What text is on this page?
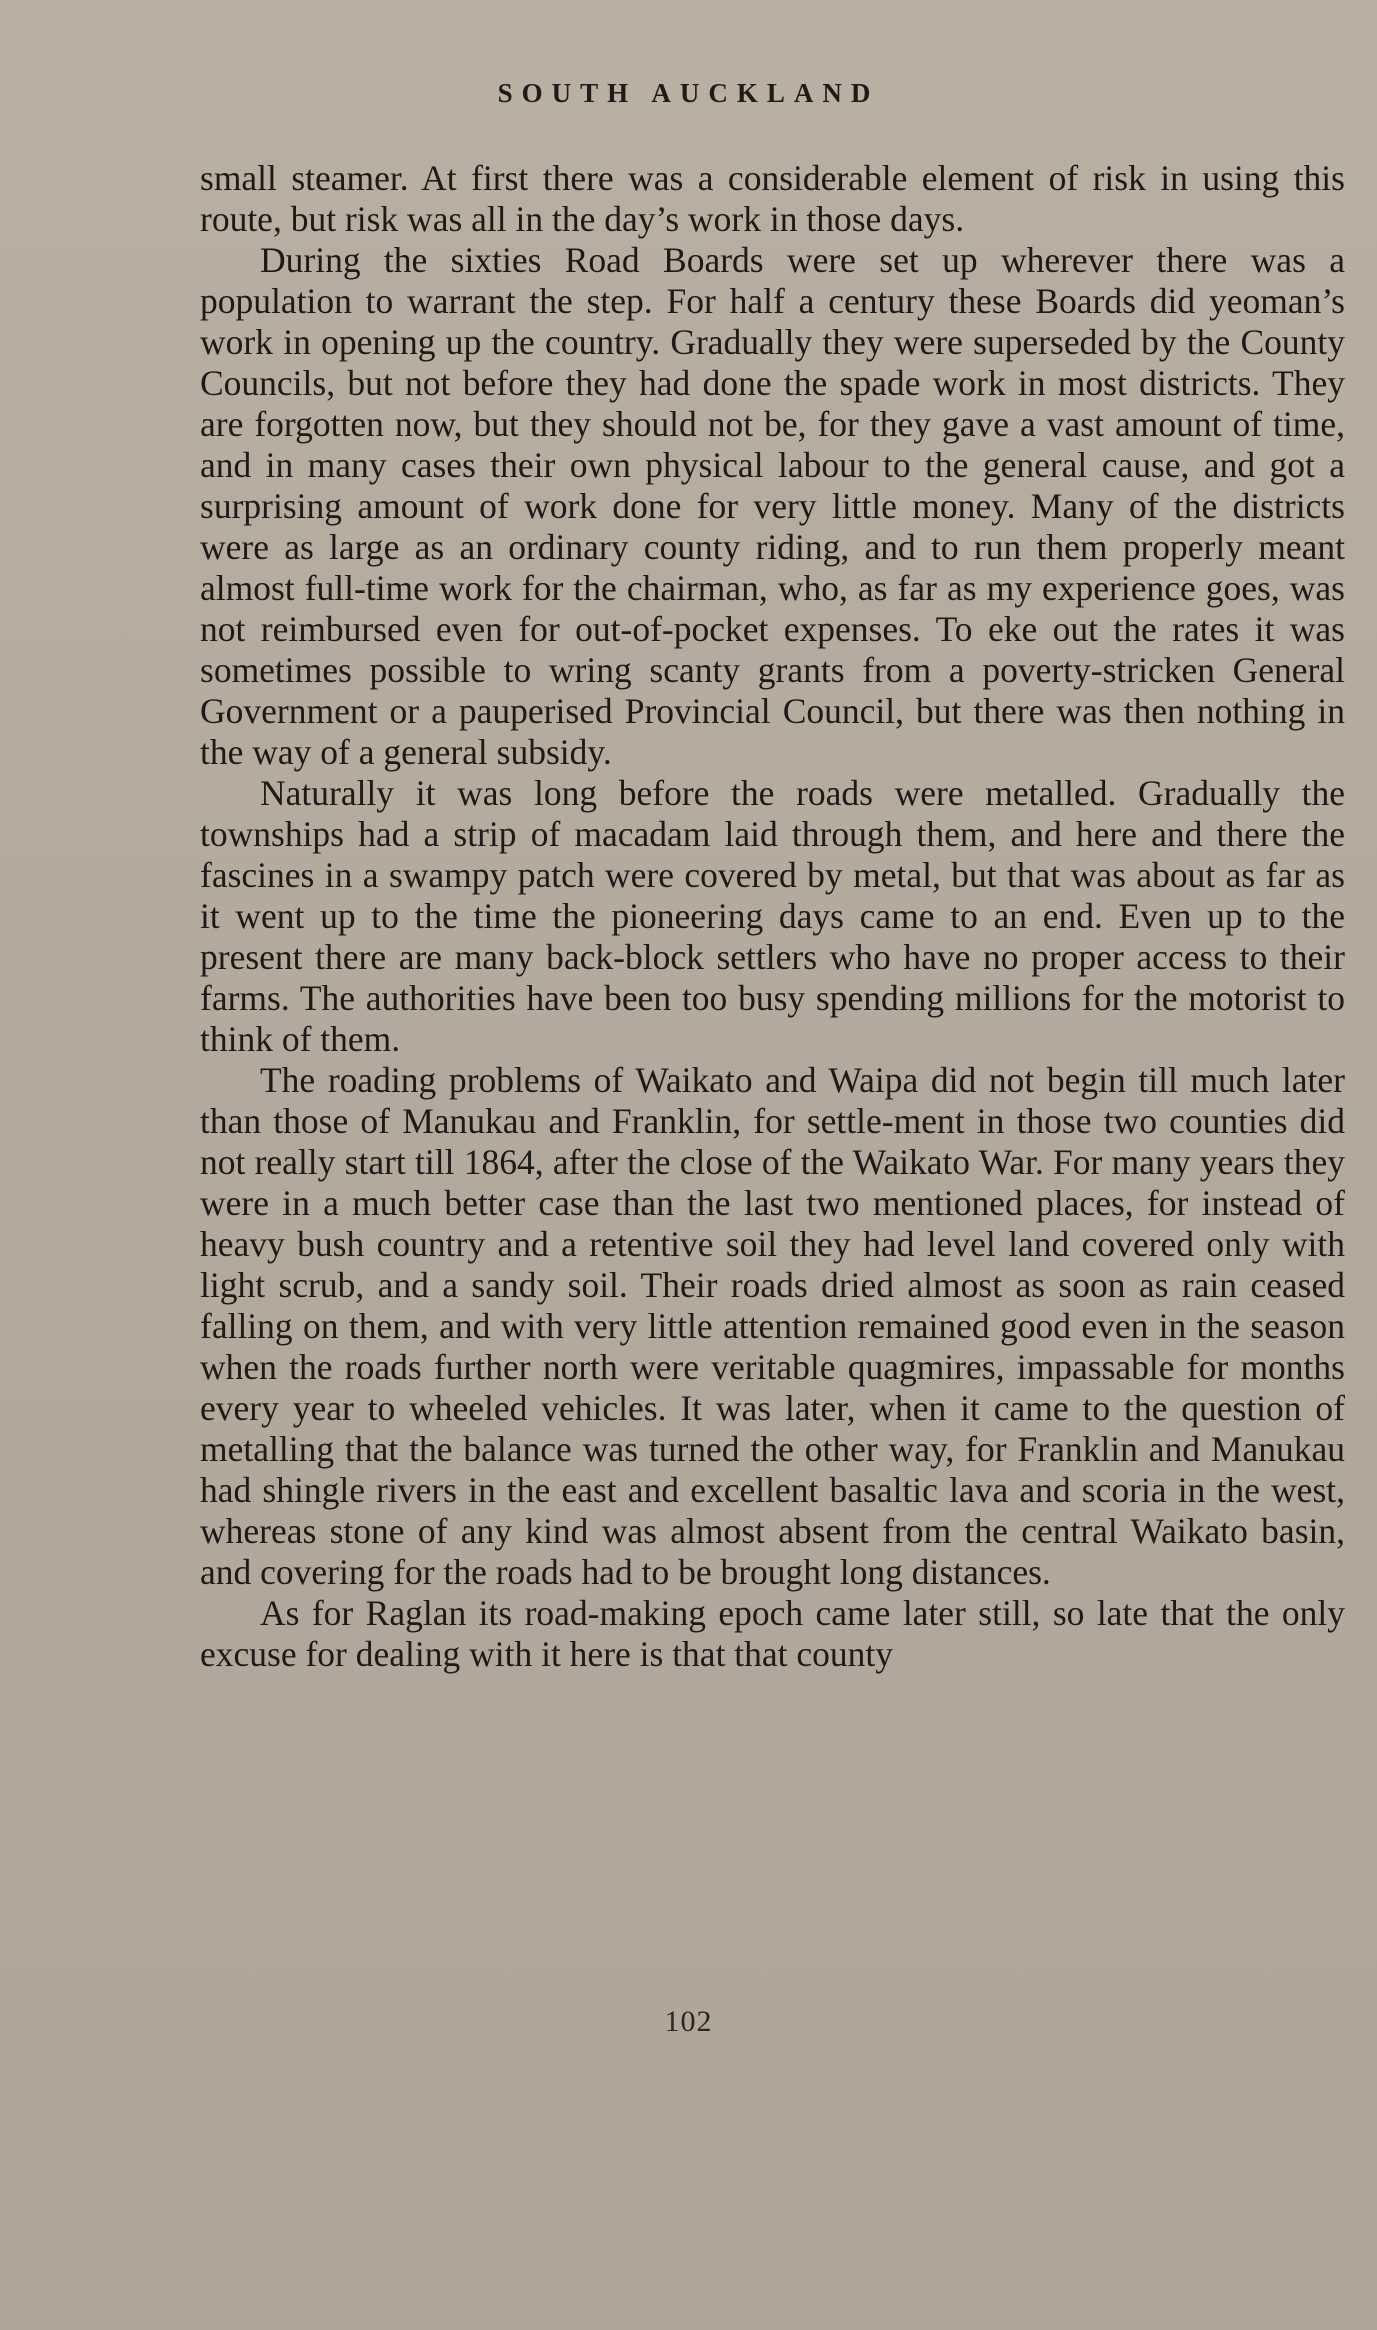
SOUTH AUCKLAND

small steamer. At first there was a considerable element of risk in using this route, but risk was all in the day’s work in those days.

During the sixties Road Boards were set up wherever there was a population to warrant the step. For half a century these Boards did yeoman’s work in opening up the country. Gradually they were superseded by the County Councils, but not before they had done the spade work in most districts. They are forgotten now, but they should not be, for they gave a vast amount of time, and in many cases their own physical labour to the general cause, and got a surprising amount of work done for very little money. Many of the districts were as large as an ordinary county riding, and to run them properly meant almost full-time work for the chairman, who, as far as my experience goes, was not reimbursed even for out-of-pocket expenses. To eke out the rates it was sometimes possible to wring scanty grants from a poverty-stricken General Government or a pauperised Provincial Council, but there was then nothing in the way of a general subsidy.

Naturally it was long before the roads were metalled. Gradually the townships had a strip of macadam laid through them, and here and there the fascines in a swampy patch were covered by metal, but that was about as far as it went up to the time the pioneering days came to an end. Even up to the present there are many back-block settlers who have no proper access to their farms. The authorities have been too busy spending millions for the motorist to think of them.

The roading problems of Waikato and Waipa did not begin till much later than those of Manukau and Franklin, for settle-ment in those two counties did not really start till 1864, after the close of the Waikato War. For many years they were in a much better case than the last two mentioned places, for instead of heavy bush country and a retentive soil they had level land covered only with light scrub, and a sandy soil. Their roads dried almost as soon as rain ceased falling on them, and with very little attention remained good even in the season when the roads further north were veritable quagmires, impassable for months every year to wheeled vehicles. It was later, when it came to the question of metalling that the balance was turned the other way, for Franklin and Manukau had shingle rivers in the east and excellent basaltic lava and scoria in the west, whereas stone of any kind was almost absent from the central Waikato basin, and covering for the roads had to be brought long distances.

As for Raglan its road-making epoch came later still, so late that the only excuse for dealing with it here is that that county

102
